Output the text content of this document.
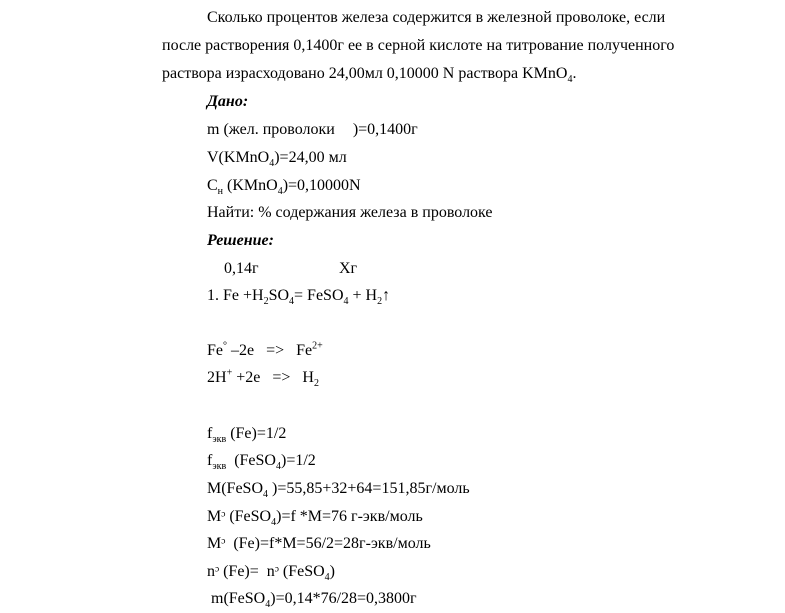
Сколько процентов железа содержится в железной проволоке, если
после растворения 0,1400г ее в серной кислоте на титрование полученного
раствора израсходовано 24,00мл 0,10000 N раствора KMnO$_4$.
Дано:
m (жел. проволоки )=0,1400г
V(KMnO$_4$)=24,00 мл
$C_н$ (KMnO$_4$)=0,10000N
Найти: % содержания железа в проволоке
Решение:
0,14г	Хг
1. $Fe +H_2SO_4=$ FeSO$_4$ + $H_2↑$
Fe° $-2e => Fe^{2+}$
$2H^+ +2e => H_2$
$f_{экв}$ (Fe)=1/2
$f_{экв}$  (FeSO$_4$)=1/2
M(FeSO$_4$ )=55,85+32+64=151,85г/моль
Mᵓ (FeSO$_4$)=f *M=76 г-экв/моль
Mᵓ  (Fe)=f*M=56/2=28г-экв/моль
nᵓ (Fe)=  nᵓ (FeSO$_4$)
m(FeSO$_4$)=0,14*76/28=0,3800г
